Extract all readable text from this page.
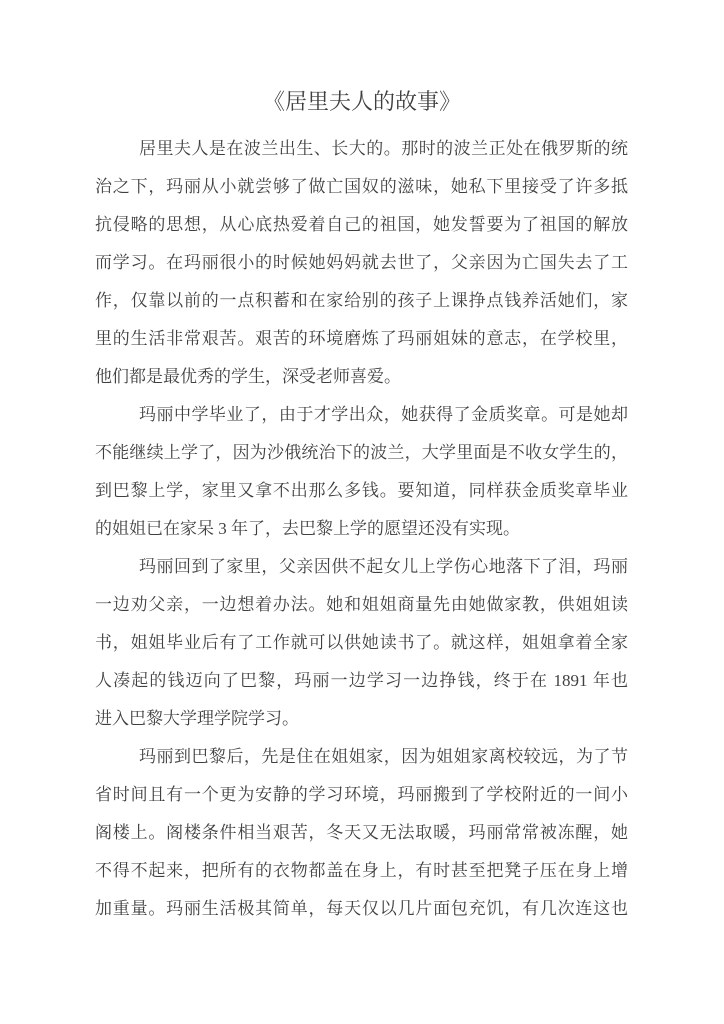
《居里夫人的故事》
居里夫人是在波兰出生、长大的。那时的波兰正处在俄罗斯的统
治之下，玛丽从小就尝够了做亡国奴的滋味，她私下里接受了许多抵
抗侵略的思想，从心底热爱着自己的祖国，她发誓要为了祖国的解放
而学习。在玛丽很小的时候她妈妈就去世了，父亲因为亡国失去了工
作，仅靠以前的一点积蓄和在家给别的孩子上课挣点钱养活她们，家
里的生活非常艰苦。艰苦的环境磨炼了玛丽姐妹的意志，在学校里，
他们都是最优秀的学生，深受老师喜爱。
玛丽中学毕业了，由于才学出众，她获得了金质奖章。可是她却
不能继续上学了，因为沙俄统治下的波兰，大学里面是不收女学生的，
到巴黎上学，家里又拿不出那么多钱。要知道，同样获金质奖章毕业
的姐姐已在家呆 3 年了，去巴黎上学的愿望还没有实现。
玛丽回到了家里，父亲因供不起女儿上学伤心地落下了泪，玛丽
一边劝父亲，一边想着办法。她和姐姐商量先由她做家教，供姐姐读
书，姐姐毕业后有了工作就可以供她读书了。就这样，姐姐拿着全家
人凑起的钱迈向了巴黎，玛丽一边学习一边挣钱，终于在 1891 年也
进入巴黎大学理学院学习。
玛丽到巴黎后，先是住在姐姐家，因为姐姐家离校较远，为了节
省时间且有一个更为安静的学习环境，玛丽搬到了学校附近的一间小
阁楼上。阁楼条件相当艰苦，冬天又无法取暖，玛丽常常被冻醒，她
不得不起来，把所有的衣物都盖在身上，有时甚至把凳子压在身上增
加重量。玛丽生活极其简单，每天仅以几片面包充饥，有几次连这也
